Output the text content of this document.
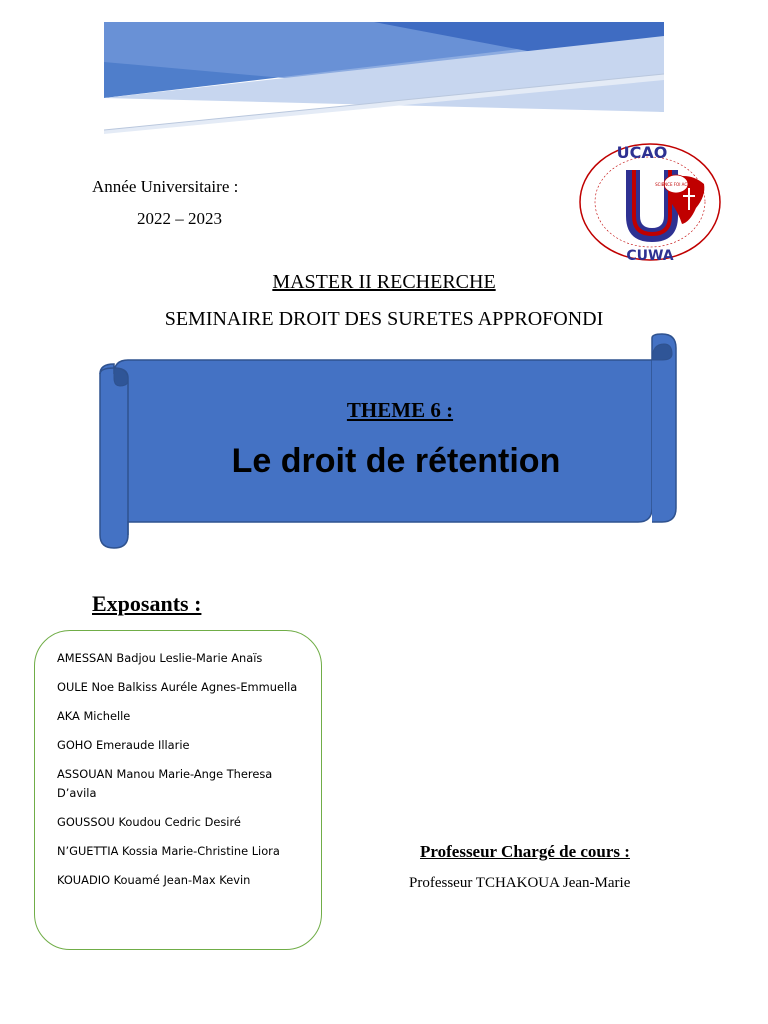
Année Universitaire :
2022 – 2023
SCIENCE FOI ACTION
UCAO
CUWA
MASTER II RECHERCHE
SEMINAIRE DROIT DES SURETES APPROFONDI
THEME 6 :
Le droit de rétention
Exposants :
AMESSAN Badjou Leslie-Marie Anaïs
OULE Noe Balkiss Auréle Agnes-Emmuella
AKA Michelle
GOHO Emeraude Illarie
ASSOUAN Manou Marie-Ange Theresa D’avila
GOUSSOU Koudou Cedric Desiré
N’GUETTIA Kossia Marie-Christine Liora
KOUADIO Kouamé Jean-Max Kevin
Professeur Chargé de cours :
Professeur TCHAKOUA Jean-Marie
